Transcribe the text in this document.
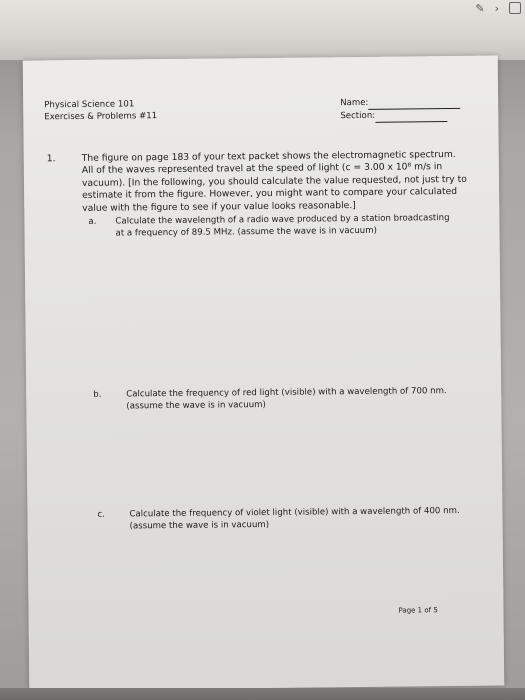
✎ ›
Physical Science 101
Exercises & Problems #11
Name:
Section:
1.	The figure on page 183 of your text packet shows the electromagnetic spectrum. All of the waves represented travel at the speed of light (c = 3.00 x 10⁸ m/s in vacuum). [In the following, you should calculate the value requested, not just try to estimate it from the figure. However, you might want to compare your calculated value with the figure to see if your value looks reasonable.]
a. Calculate the wavelength of a radio wave produced by a station broadcasting at a frequency of 89.5 MHz. (assume the wave is in vacuum)
b.	Calculate the frequency of red light (visible) with a wavelength of 700 nm. (assume the wave is in vacuum)
c.	Calculate the frequency of violet light (visible) with a wavelength of 400 nm. (assume the wave is in vacuum)
Page 1 of 5
